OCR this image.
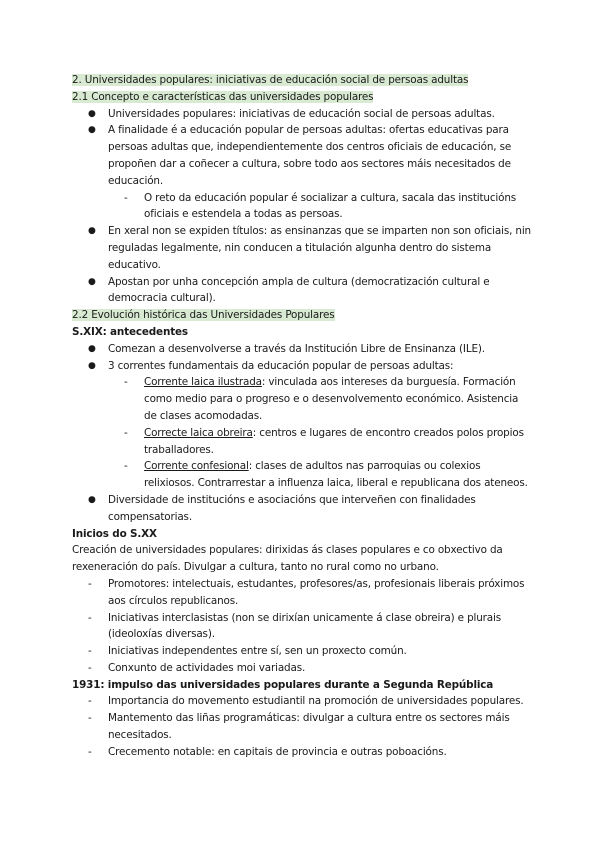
2. Universidades populares: iniciativas de educación social de persoas adultas

2.1 Concepto e características das universidades populares

● Universidades populares: iniciativas de educación social de persoas adultas.
● A finalidade é a educación popular de persoas adultas: ofertas educativas para persoas adultas que, independientemente dos centros oficiais de educación, se propoñen dar a coñecer a cultura, sobre todo aos sectores máis necesitados de educación.
- O reto da educación popular é socializar a cultura, sacala das institucións oficiais e estendela a todas as persoas.
● En xeral non se expiden títulos: as ensinanzas que se imparten non son oficiais, nin reguladas legalmente, nin conducen a titulación algunha dentro do sistema educativo.
● Apostan por unha concepción ampla de cultura (democratización cultural e democracia cultural).

2.2 Evolución histórica das Universidades Populares

S.XIX: antecedentes

● Comezan a desenvolverse a través da Institución Libre de Ensinanza (ILE).
● 3 correntes fundamentais da educación popular de persoas adultas:
- Corrente laica ilustrada: vinculada aos intereses da burguesía. Formación como medio para o progreso e o desenvolvemento económico. Asistencia de clases acomodadas.
- Correcte laica obreira: centros e lugares de encontro creados polos propios traballadores.
- Corrente confesional: clases de adultos nas parroquias ou colexios relixiosos. Contrarrestar a influenza laica, liberal e republicana dos ateneos.
● Diversidade de institucións e asociacións que interveñen con finalidades compensatorias.

Inicios do S.XX

Creación de universidades populares: dirixidas ás clases populares e co obxectivo da rexeneración do país. Divulgar a cultura, tanto no rural como no urbano.

- Promotores: intelectuais, estudantes, profesores/as, profesionais liberais próximos aos círculos republicanos.
- Iniciativas interclasistas (non se dirixían unicamente á clase obreira) e plurais (ideoloxías diversas).
- Iniciativas independentes entre sí, sen un proxecto común.
- Conxunto de actividades moi variadas.

1931: impulso das universidades populares durante a Segunda República

- Importancia do movemento estudiantil na promoción de universidades populares.
- Mantemento das liñas programáticas: divulgar a cultura entre os sectores máis necesitados.
- Crecemento notable: en capitais de provincia e outras poboacións.
